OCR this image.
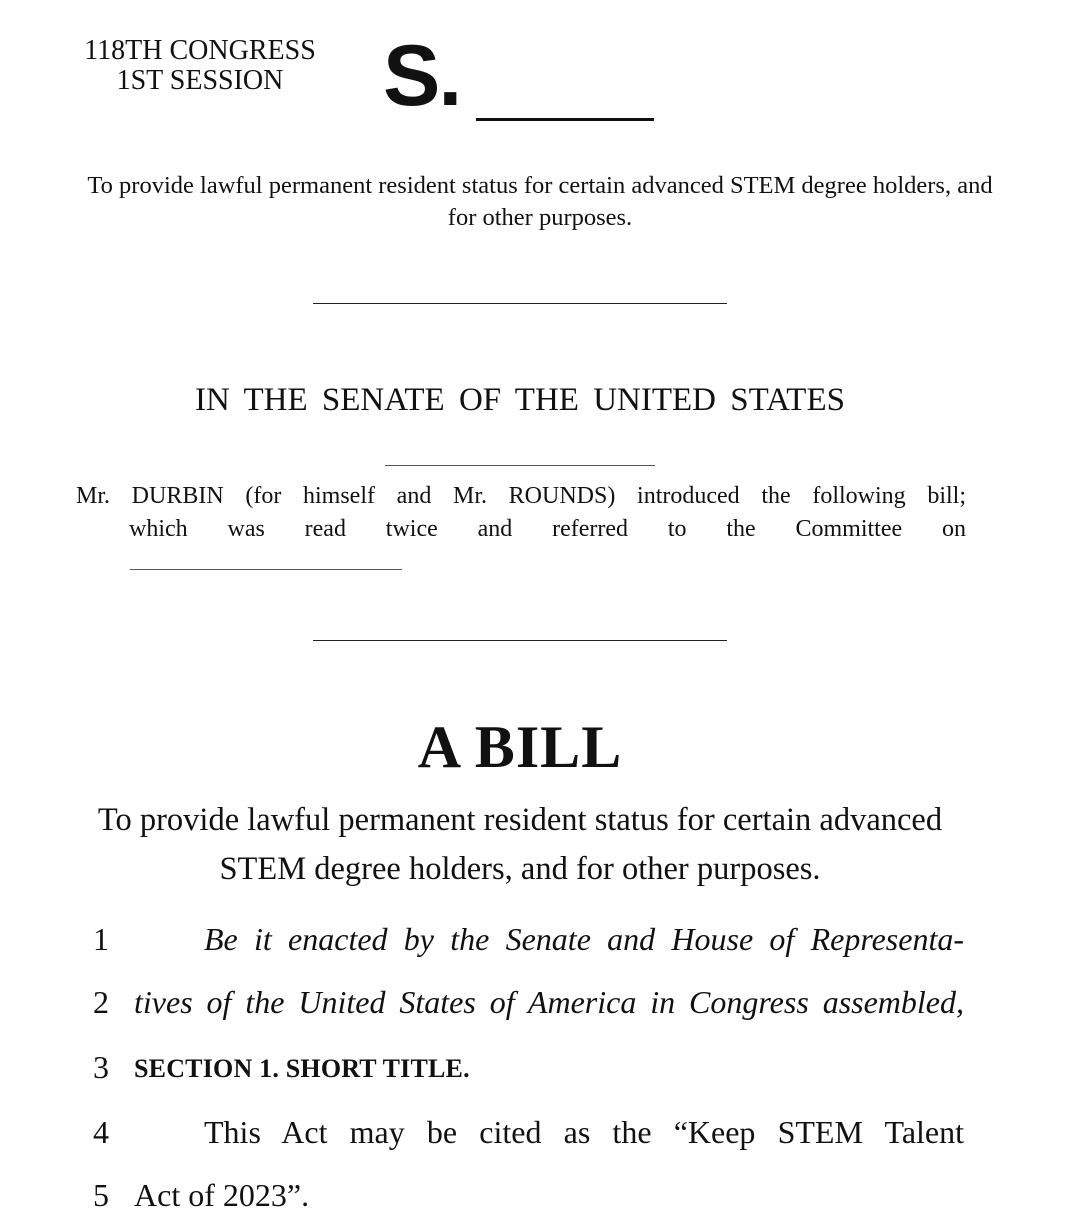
118TH CONGRESS
1ST SESSION	S.
To provide lawful permanent resident status for certain advanced STEM degree holders, and for other purposes.
IN THE SENATE OF THE UNITED STATES
Mr. DURBIN (for himself and Mr. ROUNDS) introduced the following bill;
which was read twice and referred to the Committee on
A BILL
To provide lawful permanent resident status for certain advanced STEM degree holders, and for other purposes.
1	Be it enacted by the Senate and House of Representa-
2 tives of the United States of America in Congress assembled,
3 SECTION 1. SHORT TITLE.
4	This Act may be cited as the “Keep STEM Talent
5 Act of 2023”.
